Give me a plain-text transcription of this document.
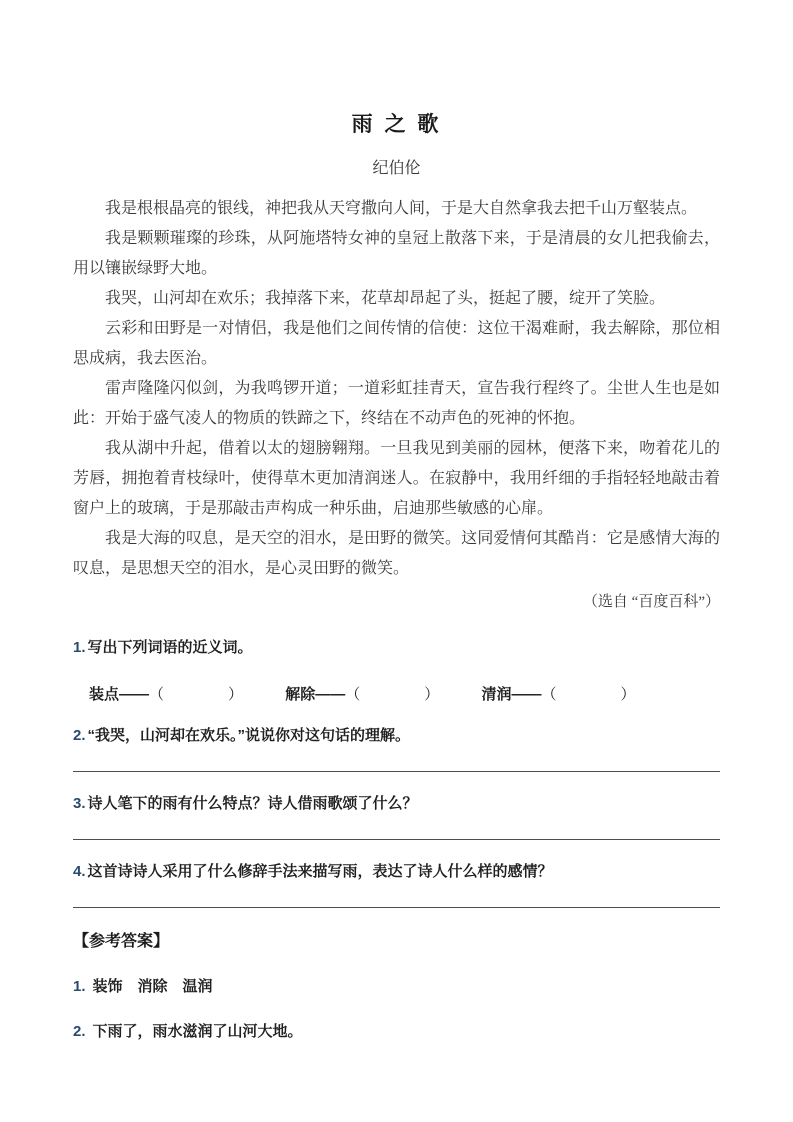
雨 之 歌
纪伯伦

我是根根晶亮的银线，神把我从天穹撒向人间，于是大自然拿我去把千山万壑装点。

我是颗颗璀璨的珍珠，从阿施塔特女神的皇冠上散落下来，于是清晨的女儿把我偷去，用以镶嵌绿野大地。

我哭，山河却在欢乐；我掉落下来，花草却昂起了头，挺起了腰，绽开了笑脸。

云彩和田野是一对情侣，我是他们之间传情的信使：这位干渴难耐，我去解除，那位相思成病，我去医治。

雷声隆隆闪似剑，为我鸣锣开道；一道彩虹挂青天，宣告我行程终了。尘世人生也是如此：开始于盛气凌人的物质的铁蹄之下，终结在不动声色的死神的怀抱。

我从湖中升起，借着以太的翅膀翱翔。一旦我见到美丽的园林，便落下来，吻着花儿的芳唇，拥抱着青枝绿叶，使得草木更加清润迷人。在寂静中，我用纤细的手指轻轻地敲击着窗户上的玻璃，于是那敲击声构成一种乐曲，启迪那些敏感的心扉。

我是大海的叹息，是天空的泪水，是田野的微笑。这同爱情何其酷肖：它是感情大海的叹息，是思想天空的泪水，是心灵田野的微笑。

（选自 “百度百科”）
1. 写出下列词语的近义词。
装点——（	）	解除——（	）	清润——（	）
2. “我哭，山河却在欢乐。”说说你对这句话的理解。
3. 诗人笔下的雨有什么特点？诗人借雨歌颂了什么？
4. 这首诗诗人采用了什么修辞手法来描写雨，表达了诗人什么样的感情？
【参考答案】
1. 装饰　消除　温润
2. 下雨了，雨水滋润了山河大地。
